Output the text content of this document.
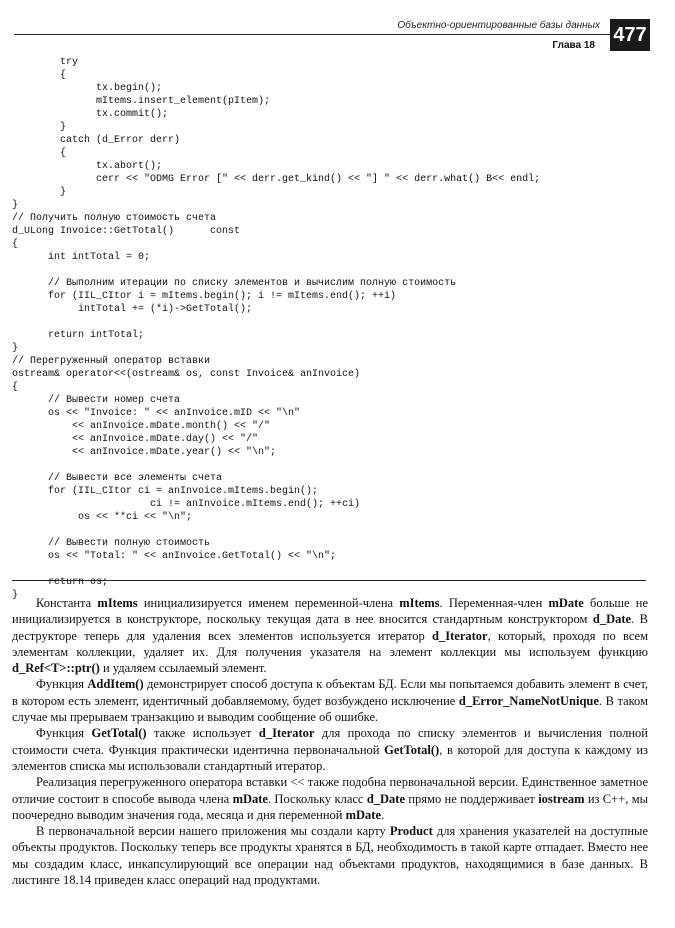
Объектно-ориентированные базы данных
Глава 18 477
try
{
tx.begin();
mItems.insert_element(pItem);
tx.commit();
}
catch (d_Error derr)
{
tx.abort();
cerr << "ODMG Error [" << derr.get_kind() << "] " << derr.what() B<< endl;
}
}
// Получить полную стоимость счета
d_ULong Invoice::GetTotal()      const
{
int intTotal = 0;

// Выполним итерации по списку элементов и вычислим полную стоимость
for (IIL_CItor i = mItems.begin(); i != mItems.end(); ++i)
intTotal += (*i)->GetTotal();

return intTotal;
}
// Перегруженный оператор вставки
ostream& operator<<(ostream& os, const Invoice& anInvoice)
{
// Вывести номер счета
os << "Invoice: " << anInvoice.mID << "\n"
<< anInvoice.mDate.month() << "/"
<< anInvoice.mDate.day() << "/"
<< anInvoice.mDate.year() << "\n";

// Вывести все элементы счета
for (IIL_CItor ci = anInvoice.mItems.begin();
ci != anInvoice.mItems.end(); ++ci)
os << **ci << "\n";

// Вывести полную стоимость
os << "Total: " << anInvoice.GetTotal() << "\n";

return os;
}

Константа mItems инициализируется именем переменной-члена mItems. Переменная-член mDate больше не инициализируется в конструкторе, поскольку текущая дата в нее вносится стандартным конструктором d_Date. В деструкторе теперь для удаления всех элементов используется итератор d_Iterator, который, проходя по всем элементам коллекции, удаляет их. Для получения указателя на элемент коллекции мы используем функцию d_Ref<T>::ptr() и удаляем ссылаемый элемент.

Функция AddItem() демонстрирует способ доступа к объектам БД. Если мы попытаемся добавить элемент в счет, в котором есть элемент, идентичный добавляемому, будет возбуждено исключение d_Error_NameNotUnique. В таком случае мы прерываем транзакцию и выводим сообщение об ошибке.

Функция GetTotal() также использует d_Iterator для прохода по списку элементов и вычисления полной стоимости счета. Функция практически идентична первоначальной GetTotal(), в которой для доступа к каждому из элементов списка мы использовали стандартный итератор.

Реализация перегруженного оператора вставки << также подобна первоначальной версии. Единственное заметное отличие состоит в способе вывода члена mDate. Поскольку класс d_Date прямо не поддерживает iostream из С++, мы поочередно выводим значения года, месяца и дня переменной mDate.

В первоначальной версии нашего приложения мы создали карту Product для хранения указателей на доступные объекты продуктов. Поскольку теперь все продукты хранятся в БД, необходимость в такой карте отпадает. Вместо нее мы создадим класс, инкапсулирующий все операции над объектами продуктов, находящимися в базе данных. В листинге 18.14 приведен класс операций над продуктами.
